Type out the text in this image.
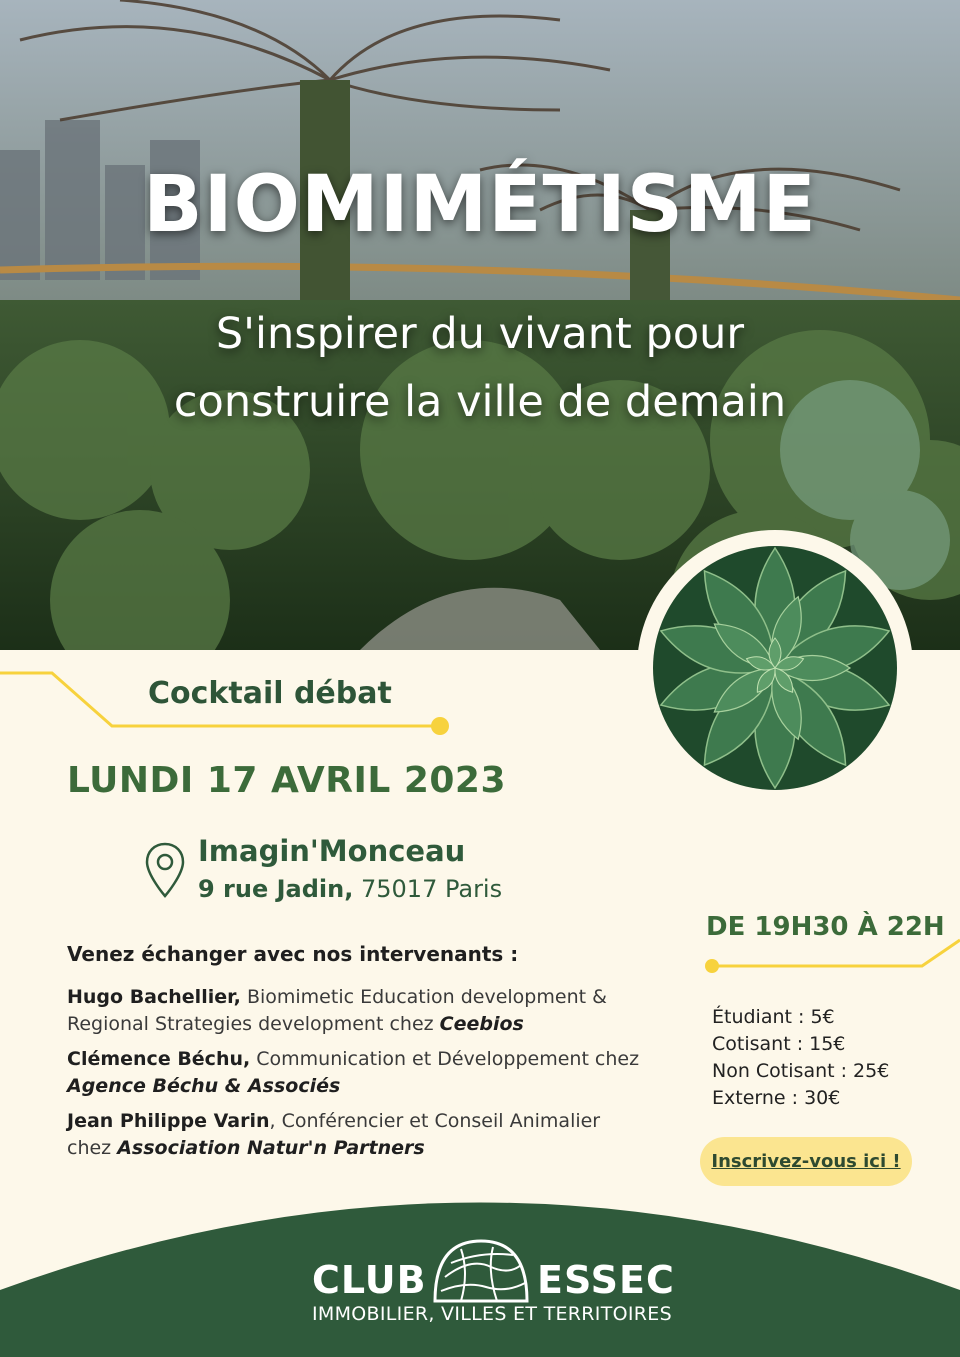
BIOMIMÉTISME

S'inspirer du vivant pour
construire la ville de demain

Cocktail débat
LUNDI 17 AVRIL 2023

Imagin'Monceau

9 rue Jadin, 75017 Paris

Venez échanger avec nos intervenants :

Hugo Bachellier, Biomimetic Education development & Regional Strategies development chez Ceebios

Clémence Béchu, Communication et Développement chez Agence Béchu & Associés

Jean Philippe Varin, Conférencier et Conseil Animalier chez Association Natur'n Partners

DE 19H30 À 22H

Étudiant : 5€
Cotisant : 15€
Non Cotisant : 25€
Externe : 30€
Inscrivez-vous ici !

CLUB	ESSEC

IMMOBILIER, VILLES ET TERRITOIRES
